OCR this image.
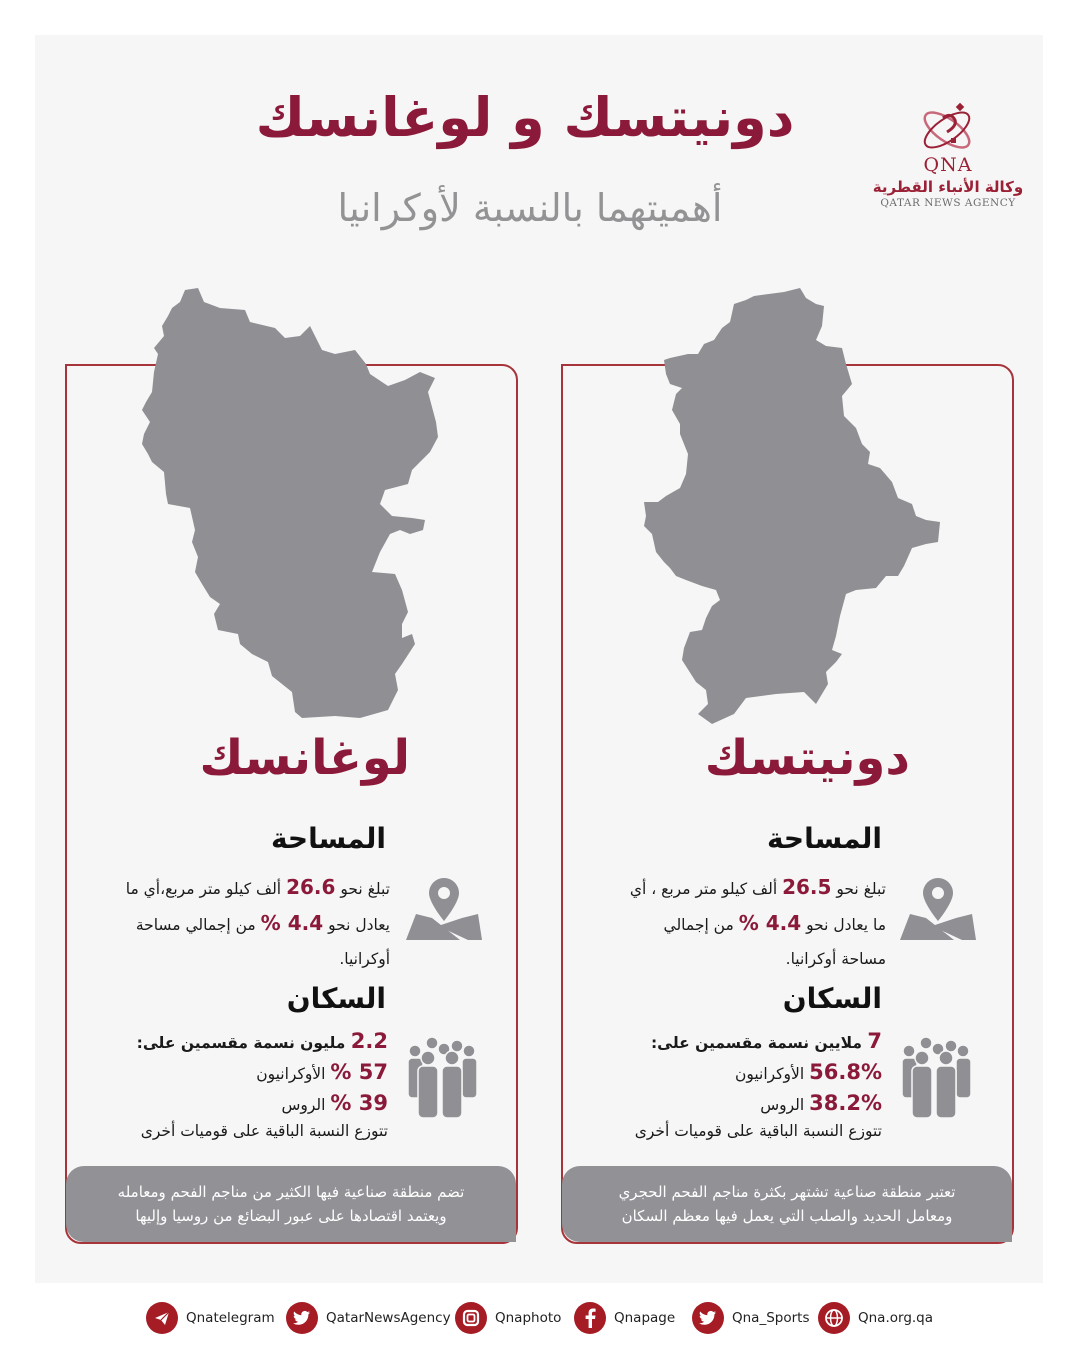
دونيتسك و لوغانسك
أهميتهما بالنسبة لأوكرانيا
QNA
وكالة الأنباء القطرية
QATAR NEWS AGENCY
لوغانسك	دونيتسك
المساحة
تبلغ نحو 26.6 ألف كيلو متر مربع،أي ما
يعادل نحو 4.4 % من إجمالي مساحة
أوكرانيا.
المساحة
تبلغ نحو 26.5 ألف كيلو متر مربع ، أي
ما يعادل نحو 4.4 % من إجمالي
مساحة أوكرانيا.
السكان
2.2 مليون نسمة مقسمين على:
57 % الأوكرانيون
39 % الروس
تتوزع النسبة الباقية على قوميات أخرى
السكان
7 ملايين نسمة مقسمين على:
56.8% الأوكرانيون
38.2% الروس
تتوزع النسبة الباقية على قوميات أخرى
تضم منطقة صناعية فيها الكثير من مناجم الفحم ومعامله
ويعتمد اقتصادها على عبور البضائع من روسيا وإليها
تعتبر منطقة صناعية تشتهر بكثرة مناجم الفحم الحجري
ومعامل الحديد والصلب التي يعمل فيها معظم السكان
Qnatelegram	QatarNewsAgency	Qnaphoto	Qnapage	Qna_Sports	Qna.org.qa
